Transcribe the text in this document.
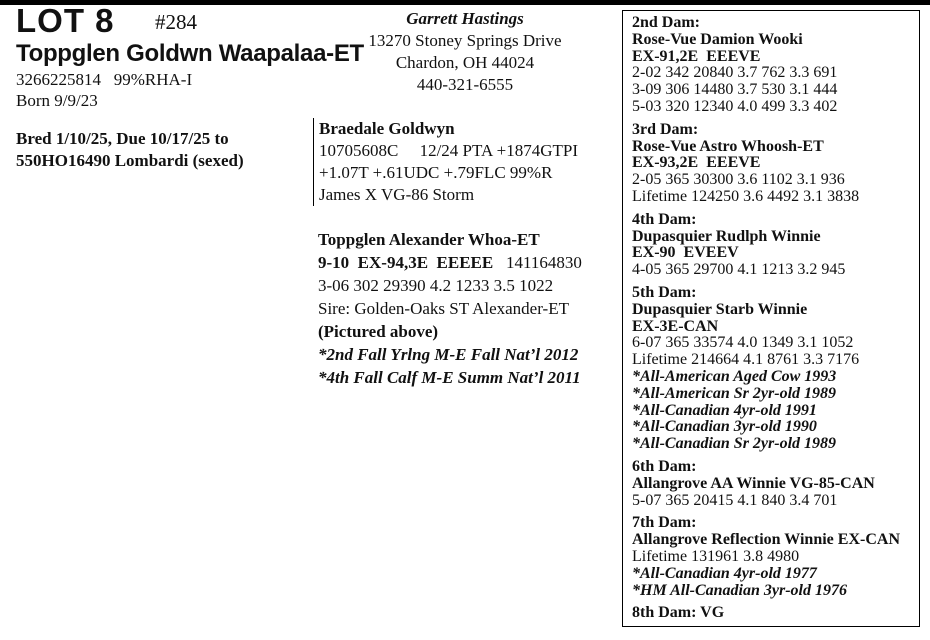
LOT 8 #284
Toppglen Goldwn Waapalaa-ET
3266225814   99%RHA-I
Born 9/9/23
Bred 1/10/25, Due 10/17/25 to
550HO16490 Lombardi (sexed)
Garrett Hastings
13270 Stoney Springs Drive
Chardon, OH 44024
440-321-6555
Braedale Goldwyn
10705608C     12/24 PTA +1874GTPI
+1.07T +.61UDC +.79FLC 99%R
James X VG-86 Storm
Toppglen Alexander Whoa-ET
9-10  EX-94,3E  EEEEE 141164830
3-06 302 29390 4.2 1233 3.5 1022
Sire: Golden-Oaks ST Alexander-ET
(Pictured above)
*2nd Fall Yrlng M-E Fall Nat’l 2012
*4th Fall Calf M-E Summ Nat’l 2011
2nd Dam:
Rose-Vue Damion Wooki
EX-91,2E  EEEVE
2-02 342 20840 3.7 762 3.3 691
3-09 306 14480 3.7 530 3.1 444
5-03 320 12340 4.0 499 3.3 402
3rd Dam:
Rose-Vue Astro Whoosh-ET
EX-93,2E  EEEVE
2-05 365 30300 3.6 1102 3.1 936
Lifetime 124250 3.6 4492 3.1 3838
4th Dam:
Dupasquier Rudlph Winnie
EX-90  EVEEV
4-05 365 29700 4.1 1213 3.2 945
5th Dam:
Dupasquier Starb Winnie
EX-3E-CAN
6-07 365 33574 4.0 1349 3.1 1052
Lifetime 214664 4.1 8761 3.3 7176
*All-American Aged Cow 1993
*All-American Sr 2yr-old 1989
*All-Canadian 4yr-old 1991
*All-Canadian 3yr-old 1990
*All-Canadian Sr 2yr-old 1989
6th Dam:
Allangrove AA Winnie VG-85-CAN
5-07 365 20415 4.1 840 3.4 701
7th Dam:
Allangrove Reflection Winnie EX-CAN
Lifetime 131961 3.8 4980
*All-Canadian 4yr-old 1977
*HM All-Canadian 3yr-old 1976
8th Dam: VG
